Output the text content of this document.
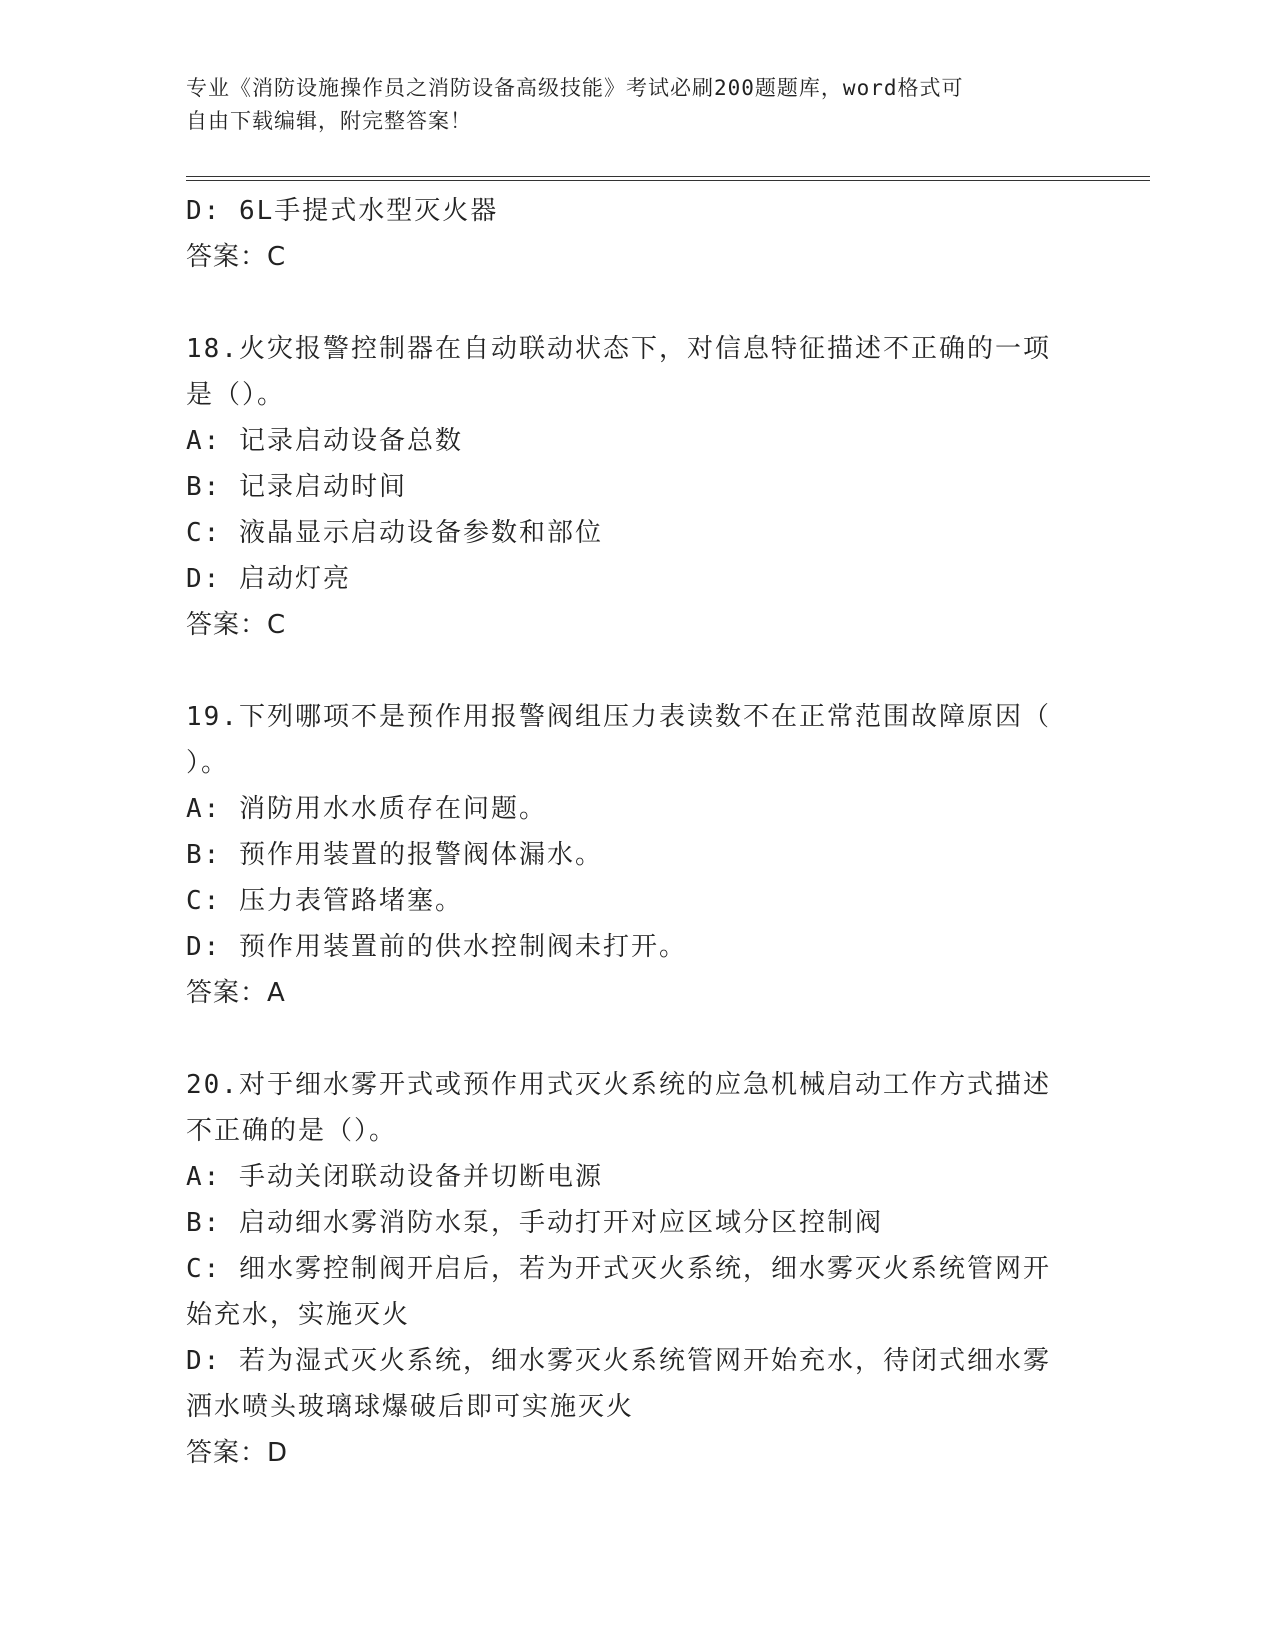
专业《消防设施操作员之消防设备高级技能》考试必刷200题题库，word格式可
自由下载编辑，附完整答案！
D: 6L手提式水型灭火器
答案：C
18.火灾报警控制器在自动联动状态下，对信息特征描述不正确的一项
是（）。
A: 记录启动设备总数
B: 记录启动时间
C: 液晶显示启动设备参数和部位
D: 启动灯亮
答案：C
19.下列哪项不是预作用报警阀组压力表读数不在正常范围故障原因（
）。
A: 消防用水水质存在问题。
B: 预作用装置的报警阀体漏水。
C: 压力表管路堵塞。
D: 预作用装置前的供水控制阀未打开。
答案：A
20.对于细水雾开式或预作用式灭火系统的应急机械启动工作方式描述
不正确的是（）。
A: 手动关闭联动设备并切断电源
B: 启动细水雾消防水泵，手动打开对应区域分区控制阀
C: 细水雾控制阀开启后，若为开式灭火系统，细水雾灭火系统管网开
始充水，实施灭火
D: 若为湿式灭火系统，细水雾灭火系统管网开始充水，待闭式细水雾
洒水喷头玻璃球爆破后即可实施灭火
答案：D
